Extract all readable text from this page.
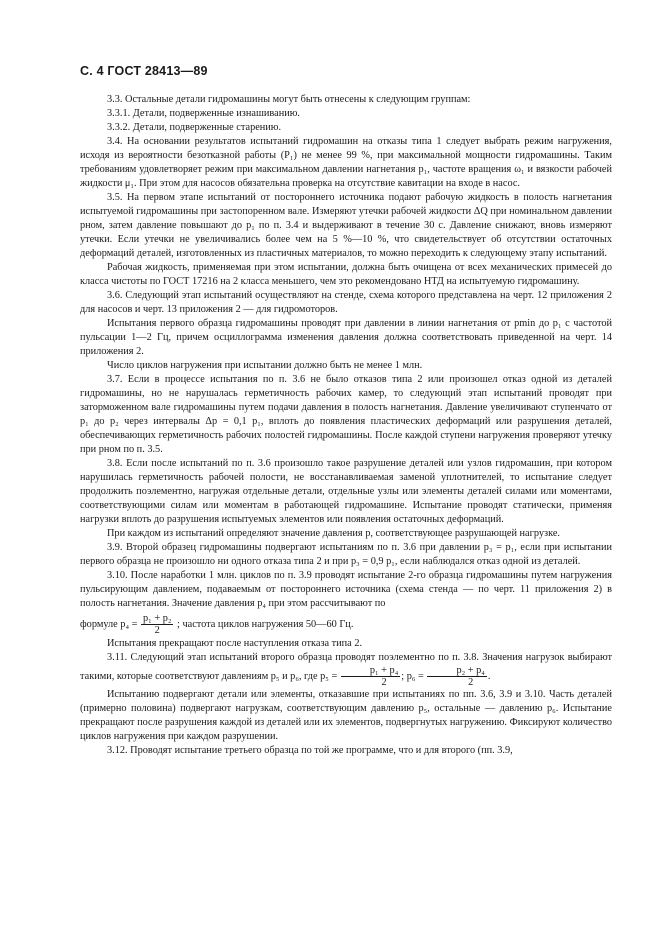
С. 4 ГОСТ 28413—89

3.3. Остальные детали гидромашины могут быть отнесены к следующим группам:

3.3.1. Детали, подверженные изнашиванию.

3.3.2. Детали, подверженные старению.

3.4. На основании результатов испытаний гидромашин на отказы типа 1 следует выбрать режим нагружения, исходя из вероятности безотказной работы (P₁) не менее 99 %, при максимальной мощности гидромашины. Таким требованиям удовлетворяет режим при максимальном давлении нагнетания p₁, частоте вращения ω₁ и вязкости рабочей жидкости μ₁. При этом для насосов обязательна проверка на отсутствие кавитации на входе в насос.

3.5. На первом этапе испытаний от постороннего источника подают рабочую жидкость в полость нагнетания испытуемой гидромашины при застопоренном вале. Измеряют утечки рабочей жидкости ΔQ при номинальном давлении pном, затем давление повышают до p₁ по п. 3.4 и выдерживают в течение 30 с. Давление снижают, вновь измеряют утечки. Если утечки не увеличивались более чем на 5 %—10 %, что свидетельствует об отсутствии остаточных деформаций деталей, изготовленных из пластичных материалов, то можно переходить к следующему этапу испытаний.

Рабочая жидкость, применяемая при этом испытании, должна быть очищена от всех механических примесей до класса чистоты по ГОСТ 17216 на 2 класса меньшего, чем это рекомендовано НТД на испытуемую гидромашину.

3.6. Следующий этап испытаний осуществляют на стенде, схема которого представлена на черт. 12 приложения 2 для насосов и черт. 13 приложения 2 — для гидромоторов.

Испытания первого образца гидромашины проводят при давлении в линии нагнетания от pmin до p₁ с частотой пульсации 1—2 Гц, причем осциллограмма изменения давления должна соответствовать приведенной на черт. 14 приложения 2.

Число циклов нагружения при испытании должно быть не менее 1 млн.

3.7. Если в процессе испытания по п. 3.6 не было отказов типа 2 или произошел отказ одной из деталей гидромашины, но не нарушалась герметичность рабочих камер, то следующий этап испытаний проводят при заторможенном вале гидромашины путем подачи давления в полость нагнетания. Давление увеличивают ступенчато от p₁ до p₂ через интервалы Δp = 0,1 p₁, вплоть до появления пластических деформаций или разрушения деталей, обеспечивающих герметичность рабочих полостей гидромашины. После каждой ступени нагружения проверяют утечку при pном по п. 3.5.

3.8. Если после испытаний по п. 3.6 произошло такое разрушение деталей или узлов гидромашин, при котором нарушилась герметичность рабочей полости, не восстанавливаемая заменой уплотнителей, то испытание следует продолжить поэлементно, нагружая отдельные детали, отдельные узлы или элементы деталей силами или моментами, соответствующими силам или моментам в работающей гидромашине. Испытание проводят статически, применяя нагрузки вплоть до разрушения испытуемых элементов или появления остаточных деформаций.

При каждом из испытаний определяют значение давления p, соответствующее разрушающей нагрузке.

3.9. Второй образец гидромашины подвергают испытаниям по п. 3.6 при давлении p₃ = p₁, если при испытании первого образца не произошло ни одного отказа типа 2 и при p₃ = 0,9 p₁, если наблюдался отказ одной из деталей.

3.10. После наработки 1 млн. циклов по п. 3.9 проводят испытание 2-го образца гидромашины путем нагружения пульсирующим давлением, подаваемым от постороннего источника (схема стенда — по черт. 11 приложения 2) в полость нагнетания. Значение давления p₄ при этом рассчитывают по

формуле $p_4 = \frac{\text{p₁ + p₂}}{2}$ ; частота циклов нагружения 50—60 Гц.

Испытания прекращают после наступления отказа типа 2.

3.11. Следующий этап испытаний второго образца проводят поэлементно по п. 3.8. Значения нагрузок выбирают такими, которые соответствуют давлениям p₅ и p₆, где $p_5 = \frac{\text{p₁ + p₄}}{2}$ ; $p_6 = \frac{\text{p₂ + p₄}}{2}$ .

Испытанию подвергают детали или элементы, отказавшие при испытаниях по пп. 3.6, 3.9 и 3.10. Часть деталей (примерно половина) подвергают нагрузкам, соответствующим давлению p₅, остальные — давлению p₆. Испытание прекращают после разрушения каждой из деталей или их элементов, подвергнутых нагружению. Фиксируют количество циклов нагружения при каждом разрушении.

3.12. Проводят испытание третьего образца по той же программе, что и для второго (пп. 3.9,
